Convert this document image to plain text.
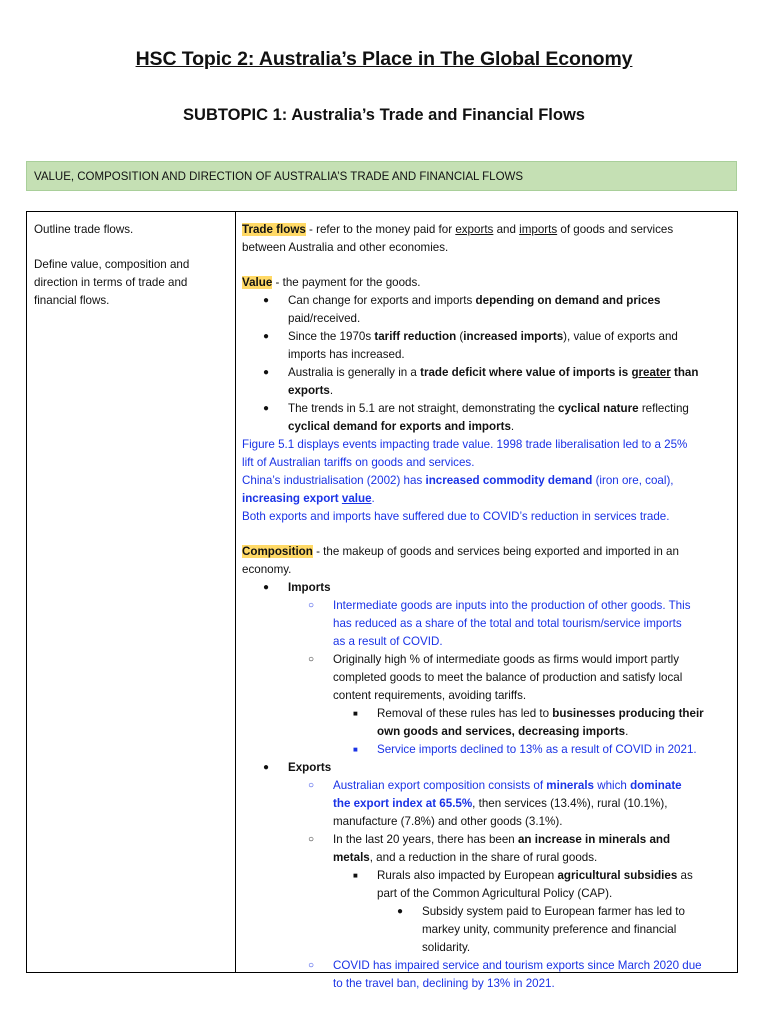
HSC Topic 2: Australia’s Place in The Global Economy
SUBTOPIC 1: Australia’s Trade and Financial Flows
VALUE, COMPOSITION AND DIRECTION OF AUSTRALIA’S TRADE AND FINANCIAL FLOWS
Outline trade flows.
Define value, composition and
direction in terms of trade and
financial flows.
Trade flows - refer to the money paid for exports and imports of goods and services
between Australia and other economies.
Value - the payment for the goods.
● Can change for exports and imports depending on demand and prices
paid/received.
● Since the 1970s tariff reduction (increased imports), value of exports and
imports has increased.
● Australia is generally in a trade deficit where value of imports is greater than
exports.
● The trends in 5.1 are not straight, demonstrating the cyclical nature reflecting
cyclical demand for exports and imports.
Figure 5.1 displays events impacting trade value. 1998 trade liberalisation led to a 25%
lift of Australian tariffs on goods and services.
China’s industrialisation (2002) has increased commodity demand (iron ore, coal),
increasing export value.
Both exports and imports have suffered due to COVID’s reduction in services trade.
Composition - the makeup of goods and services being exported and imported in an
economy.
● Imports
○ Intermediate goods are inputs into the production of other goods. This
has reduced as a share of the total and total tourism/service imports
as a result of COVID.
○ Originally high % of intermediate goods as firms would import partly
completed goods to meet the balance of production and satisfy local
content requirements, avoiding tariffs.
■ Removal of these rules has led to businesses producing their
own goods and services, decreasing imports.
■ Service imports declined to 13% as a result of COVID in 2021.
● Exports
○ Australian export composition consists of minerals which dominate
the export index at 65.5%, then services (13.4%), rural (10.1%),
manufacture (7.8%) and other goods (3.1%).
○ In the last 20 years, there has been an increase in minerals and
metals, and a reduction in the share of rural goods.
■ Rurals also impacted by European agricultural subsidies as
part of the Common Agricultural Policy (CAP).
● Subsidy system paid to European farmer has led to
markey unity, community preference and financial
solidarity.
○ COVID has impaired service and tourism exports since March 2020 due
to the travel ban, declining by 13% in 2021.
